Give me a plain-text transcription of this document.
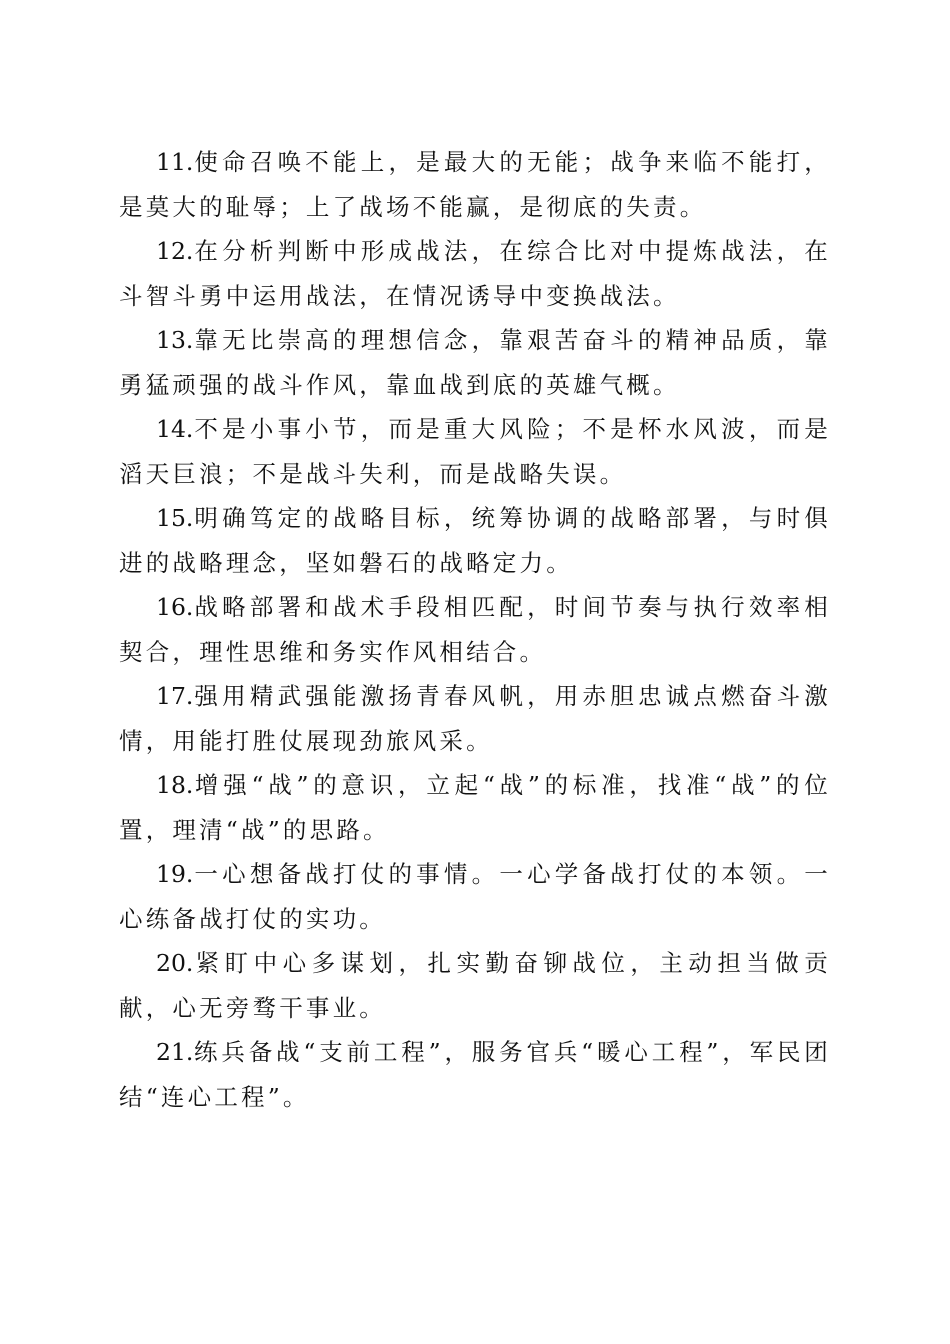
11.使命召唤不能上，是最大的无能；战争来临不能打，是莫大的耻辱；上了战场不能赢，是彻底的失责。

12.在分析判断中形成战法，在综合比对中提炼战法，在斗智斗勇中运用战法，在情况诱导中变换战法。

13.靠无比崇高的理想信念，靠艰苦奋斗的精神品质，靠勇猛顽强的战斗作风，靠血战到底的英雄气概。

14.不是小事小节，而是重大风险；不是杯水风波，而是滔天巨浪；不是战斗失利，而是战略失误。

15.明确笃定的战略目标，统筹协调的战略部署，与时俱进的战略理念，坚如磐石的战略定力。

16.战略部署和战术手段相匹配，时间节奏与执行效率相契合，理性思维和务实作风相结合。

17.强用精武强能激扬青春风帆，用赤胆忠诚点燃奋斗激情，用能打胜仗展现劲旅风采。

18.增强“战”的意识，立起“战”的标准，找准“战”的位置，理清“战”的思路。

19.一心想备战打仗的事情。一心学备战打仗的本领。一心练备战打仗的实功。

20.紧盯中心多谋划，扎实勤奋铆战位，主动担当做贡献，心无旁骛干事业。

21.练兵备战“支前工程”，服务官兵“暖心工程”，军民团结“连心工程”。
